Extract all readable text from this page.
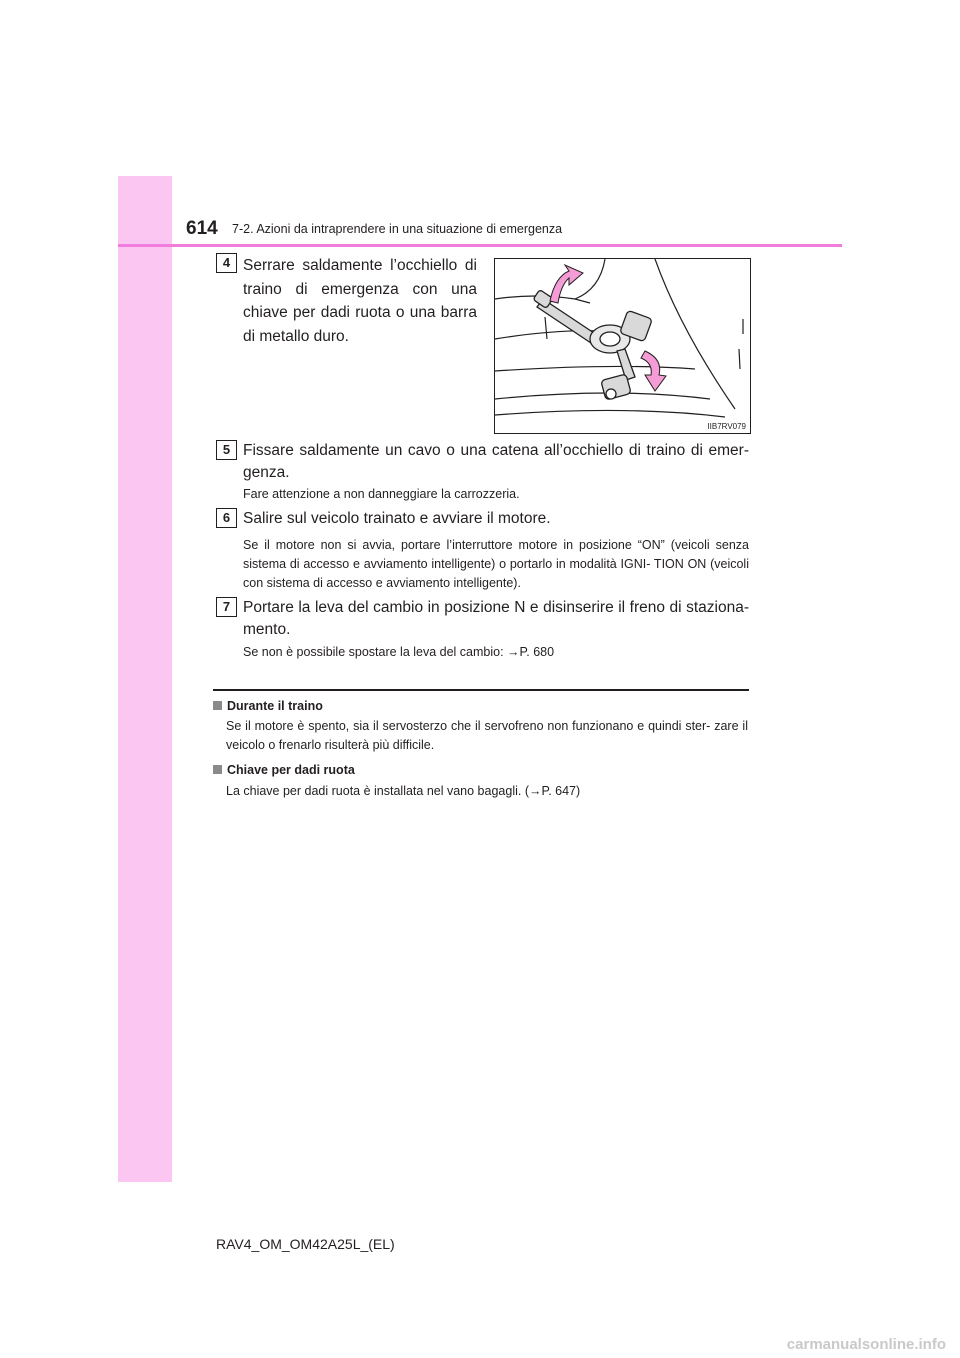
614 7-2. Azioni da intraprendere in una situazione di emergenza
4 Serrare saldamente l’occhiello di traino di emergenza con una chiave per dadi ruota o una barra di metallo duro.
IIB7RV079
5 Fissare saldamente un cavo o una catena all’occhiello di traino di emer- genza.
Fare attenzione a non danneggiare la carrozzeria.
6 Salire sul veicolo trainato e avviare il motore.
Se il motore non si avvia, portare l’interruttore motore in posizione “ON” (veicoli senza sistema di accesso e avviamento intelligente) o portarlo in modalità IGNI- TION ON (veicoli con sistema di accesso e avviamento intelligente).
7 Portare la leva del cambio in posizione N e disinserire il freno di staziona- mento.
Se non è possibile spostare la leva del cambio: →P. 680
Durante il traino
Se il motore è spento, sia il servosterzo che il servofreno non funzionano e quindi ster- zare il veicolo o frenarlo risulterà più difficile.
Chiave per dadi ruota
La chiave per dadi ruota è installata nel vano bagagli. (→P. 647)
RAV4_OM_OM42A25L_(EL)
carmanualsonline.info
